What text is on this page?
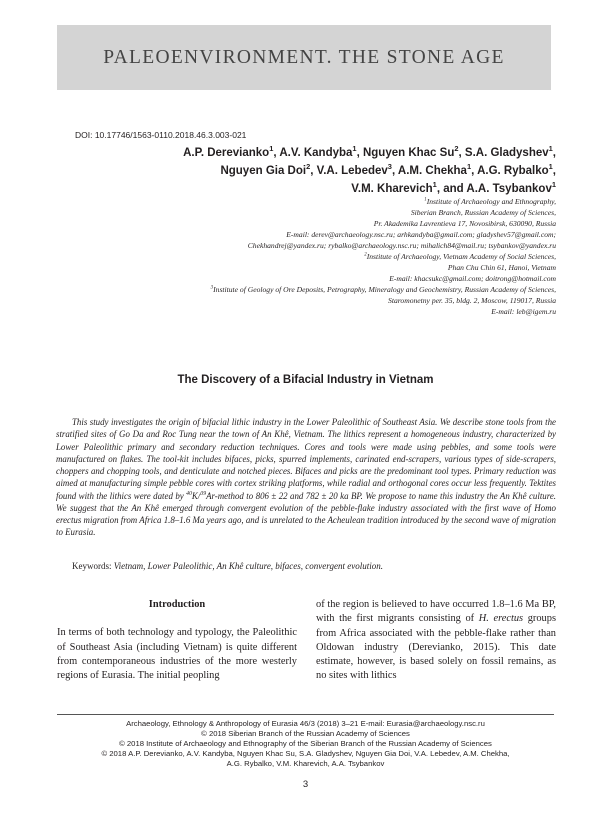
PALEOENVIRONMENT. THE STONE AGE
DOI: 10.17746/1563-0110.2018.46.3.003-021
A.P. Derevianko$^1$, A.V. Kandyba$^1$, Nguyen Khac Su$^2$, S.A. Gladyshev$^1$,
Nguyen Gia Doi$^2$, V.A. Lebedev$^3$, A.M. Chekha$^1$, A.G. Rybalko$^1$,
V.M. Kharevich$^1$, and A.A. Tsybankov$^1$
$^1$Institute of Archaeology and Ethnography,
Siberian Branch, Russian Academy of Sciences,
Pr. Akademika Lavrentieva 17, Novosibirsk, 630090, Russia
E-mail: derev@archaeology.nsc.ru; arhkandyba@gmail.com; gladyshev57@gmail.com;
Chekhandrej@yandex.ru; rybalko@archaeology.nsc.ru; mihalich84@mail.ru; tsybankov@yandex.ru
$^2$Institute of Archaeology, Vietnam Academy of Social Sciences,
Phan Chu Chin 61, Hanoi, Vietnam
E-mail: khacsukc@gmail.com; doitrong@hotmail.com
$^3$Institute of Geology of Ore Deposits, Petrography, Mineralogy and Geochemistry, Russian Academy of Sciences,
Staromonetny per. 35, bldg. 2, Moscow, 119017, Russia
E-mail: leb@igem.ru
The Discovery of a Bifacial Industry in Vietnam

This study investigates the origin of bifacial lithic industry in the Lower Paleolithic of Southeast Asia. We describe stone tools from the stratified sites of Go Da and Roc Tung near the town of An Khê, Vietnam. The lithics represent a homogeneous industry, characterized by Lower Paleolithic primary and secondary reduction techniques. Cores and tools were made using pebbles, and some tools were manufactured on flakes. The tool-kit includes bifaces, picks, spurred implements, carinated end-scrapers, various types of side-scrapers, choppers and chopping tools, and denticulate and notched pieces. Bifaces and picks are the predominant tool types. Primary reduction was aimed at manufacturing simple pebble cores with cortex striking platforms, while radial and orthogonal cores occur less frequently. Tektites found with the lithics were dated by $^{40}$K/$^{39}$Ar-method to 806 ± 22 and 782 ± 20 ka BP. We propose to name this industry the An Khê culture. We suggest that the An Khê emerged through convergent evolution of the pebble-flake industry associated with the first wave of Homo erectus migration from Africa 1.8–1.6 Ma years ago, and is unrelated to the Acheulean tradition introduced by the second wave of migration to Eurasia.

Keywords: Vietnam, Lower Paleolithic, An Khê culture, bifaces, convergent evolution.
Introduction

In terms of both technology and typology, the Paleolithic of Southeast Asia (including Vietnam) is quite different from contemporaneous industries of the more westerly regions of Eurasia. The initial peopling

of the region is believed to have occurred 1.8–1.6 Ma BP, with the first migrants consisting of H. erectus groups from Africa associated with the pebble-flake rather than Oldowan industry (Derevianko, 2015). This date estimate, however, is based solely on fossil remains, as no sites with lithics

Archaeology, Ethnology & Anthropology of Eurasia 46/3 (2018) 3–21 E-mail: Eurasia@archaeology.nsc.ru
© 2018 Siberian Branch of the Russian Academy of Sciences
© 2018 Institute of Archaeology and Ethnography of the Siberian Branch of the Russian Academy of Sciences
© 2018 A.P. Derevianko, A.V. Kandyba, Nguyen Khac Su, S.A. Gladyshev, Nguyen Gia Doi, V.A. Lebedev, A.M. Chekha,
A.G. Rybalko, V.M. Kharevich, A.A. Tsybankov
3
